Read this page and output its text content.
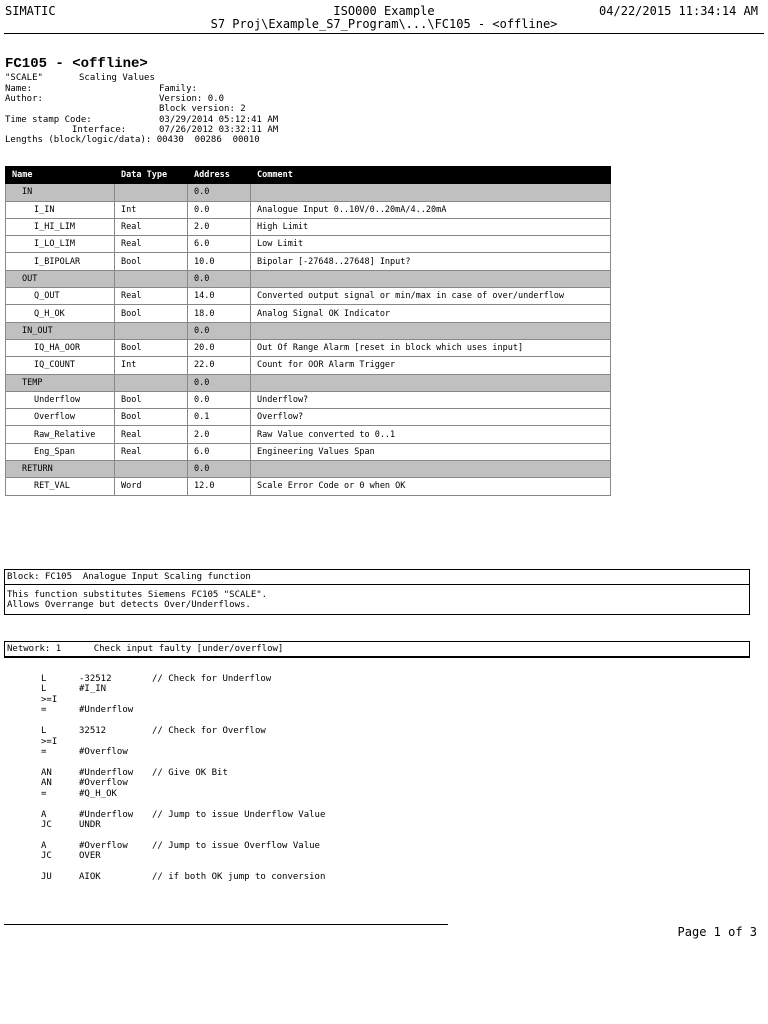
SIMATIC	ISO000 Example
S7 Proj\Example_S7_Program\...\FC105 - <offline>
04/22/2015 11:34:14 AM
FC105 - <offline>
"SCALE"	Scaling Values
Name:	Family:
Author:	Version: 0.0
Block version: 2
Time stamp Code:	03/29/2014 05:12:41 AM
Interface:	07/26/2012 03:32:11 AM
Lengths (block/logic/data): 00430  00286  00010
Name	Data Type	Address	Comment
IN		0.0	
I_IN	Int	0.0	Analogue Input 0..10V/0..20mA/4..20mA
I_HI_LIM	Real	2.0	High Limit
I_LO_LIM	Real	6.0	Low Limit
I_BIPOLAR	Bool	10.0	Bipolar [-27648..27648] Input?
OUT		0.0	
Q_OUT	Real	14.0	Converted output signal or min/max in case of over/underflow
Q_H_OK	Bool	18.0	Analog Signal OK Indicator
IN_OUT		0.0	
IQ_HA_OOR	Bool	20.0	Out Of Range Alarm [reset in block which uses input]
IQ_COUNT	Int	22.0	Count for OOR Alarm Trigger
TEMP		0.0	
Underflow	Bool	0.0	Underflow?
Overflow	Bool	0.1	Overflow?
Raw_Relative	Real	2.0	Raw Value converted to 0..1
Eng_Span	Real	6.0	Engineering Values Span
RETURN		0.0	
RET_VAL	Word	12.0	Scale Error Code or 0 when OK
Block: FC105  Analogue Input Scaling function
This function substitutes Siemens FC105 "SCALE".
Allows Overrange but detects Over/Underflows.
Network: 1      Check input faulty [under/overflow]
L	-32512	// Check for Underflow
L	#I_IN
>=I
=	#Underflow
L	32512	// Check for Overflow
>=I
=	#Overflow
AN	#Underflow // Give OK Bit
AN	#Overflow
=	#Q_H_OK
A	#Underflow // Jump to issue Underflow Value
JC	UNDR
A	#Overflow	// Jump to issue Overflow Value
JC	OVER
JU	AIOK	// if both OK jump to conversion
Page 1 of 3
